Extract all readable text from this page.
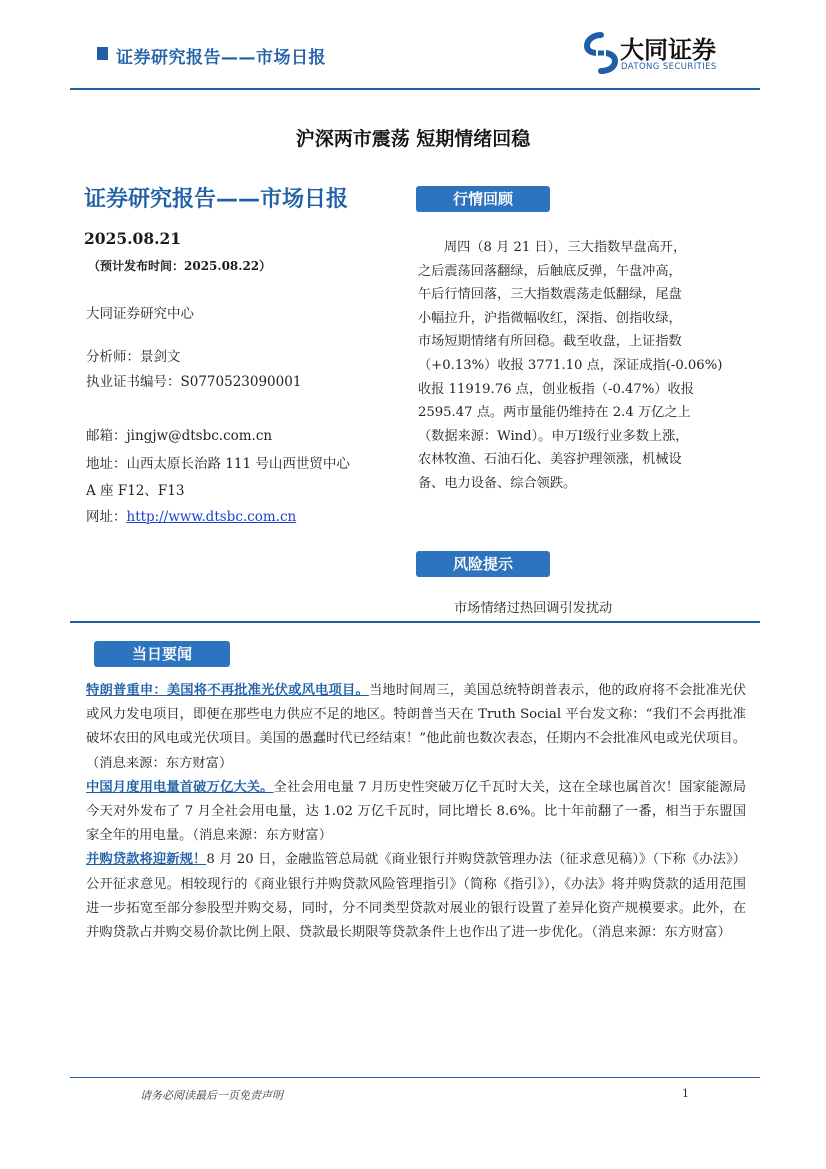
证券研究报告——市场日报	大同证券
DATONG SECURITIES
沪深两市震荡 短期情绪回稳
证券研究报告——市场日报
2025.08.21
（预计发布时间：2025.08.22）
大同证券研究中心
分析师：景剑文
执业证书编号：S0770523090001
邮箱：jingjw@dtsbc.com.cn
地址：山西太原长治路 111 号山西世贸中心
A 座 F12、F13
网址：http://www.dtsbc.com.cn
行情回顾
周四（8 月 21 日），三大指数早盘高开，
之后震荡回落翻绿，后触底反弹，午盘冲高，
午后行情回落，三大指数震荡走低翻绿，尾盘
小幅拉升，沪指微幅收红，深指、创指收绿，
市场短期情绪有所回稳。截至收盘，上证指数
（+0.13%）收报 3771.10 点，深证成指(-0.06%)
收报 11919.76 点，创业板指（-0.47%）收报
2595.47 点。两市量能仍维持在 2.4 万亿之上
（数据来源：Wind）。申万Ⅰ级行业多数上涨，
农林牧渔、石油石化、美容护理领涨，机械设
备、电力设备、综合领跌。
风险提示
市场情绪过热回调引发扰动
当日要闻
特朗普重申：美国将不再批准光伏或风电项目。当地时间周三，美国总统特朗普表示，他的政府将不会批准光伏或风力发电项目，即便在那些电力供应不足的地区。特朗普当天在 Truth Social 平台发文称：“我们不会再批准破坏农田的风电或光伏项目。美国的愚蠢时代已经结束！”他此前也数次表态，任期内不会批准风电或光伏项目。（消息来源：东方财富）
中国月度用电量首破万亿大关。全社会用电量 7 月历史性突破万亿千瓦时大关，这在全球也属首次！国家能源局今天对外发布了 7 月全社会用电量，达 1.02 万亿千瓦时，同比增长 8.6%。比十年前翻了一番，相当于东盟国家全年的用电量。（消息来源：东方财富）
并购贷款将迎新规！8 月 20 日，金融监管总局就《商业银行并购贷款管理办法（征求意见稿）》（下称《办法》）公开征求意见。相较现行的《商业银行并购贷款风险管理指引》（简称《指引》），《办法》将并购贷款的适用范围进一步拓宽至部分参股型并购交易，同时，分不同类型贷款对展业的银行设置了差异化资产规模要求。此外，在并购贷款占并购交易价款比例上限、贷款最长期限等贷款条件上也作出了进一步优化。（消息来源：东方财富）
请务必阅读最后一页免责声明	1
